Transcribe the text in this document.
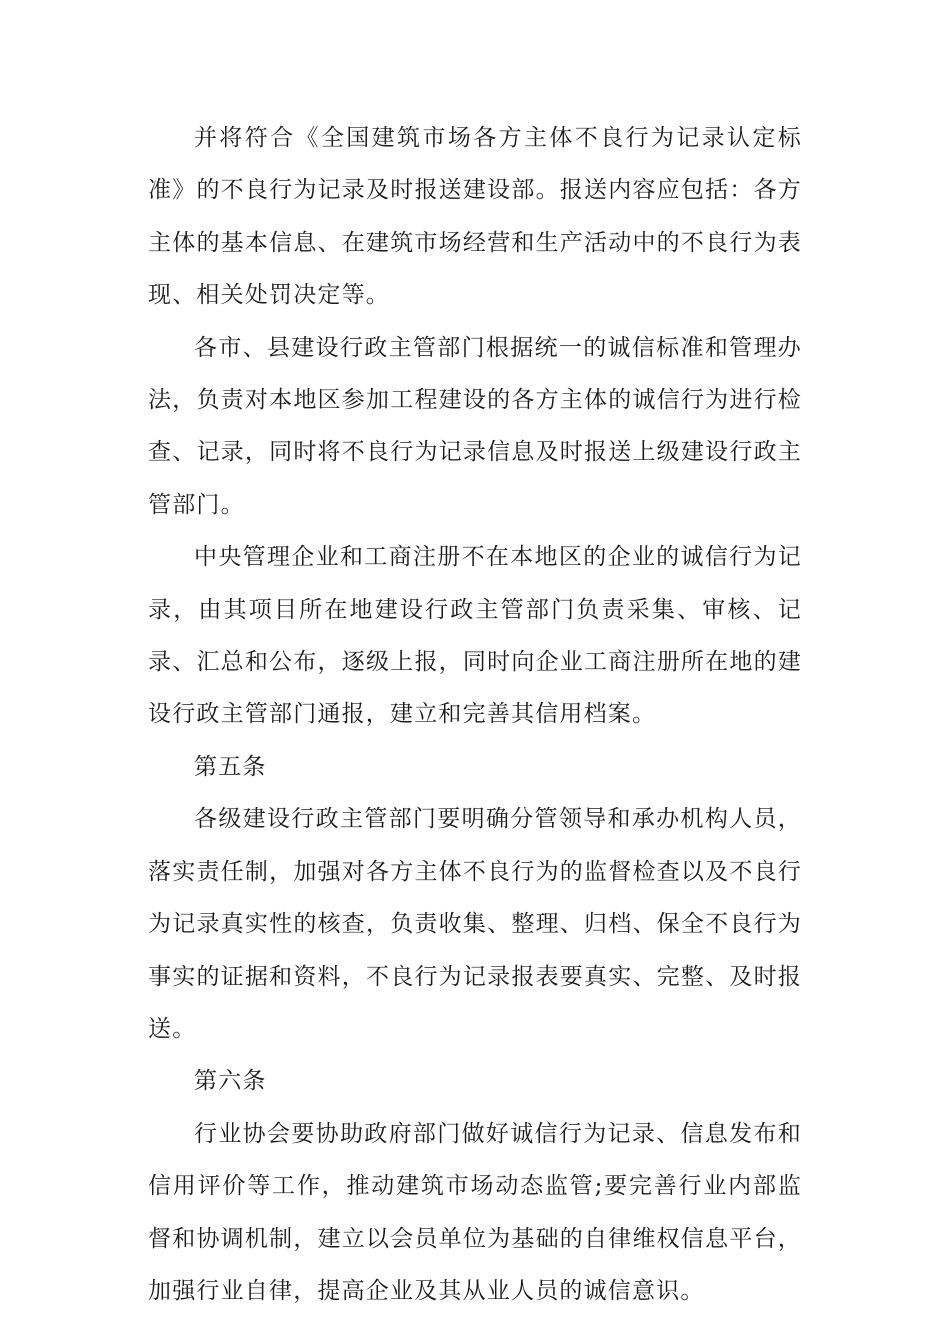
并将符合《全国建筑市场各方主体不良行为记录认定标准》的不良行为记录及时报送建设部。报送内容应包括：各方主体的基本信息、在建筑市场经营和生产活动中的不良行为表现、相关处罚决定等。

各市、县建设行政主管部门根据统一的诚信标准和管理办法，负责对本地区参加工程建设的各方主体的诚信行为进行检查、记录，同时将不良行为记录信息及时报送上级建设行政主管部门。

中央管理企业和工商注册不在本地区的企业的诚信行为记录，由其项目所在地建设行政主管部门负责采集、审核、记录、汇总和公布，逐级上报，同时向企业工商注册所在地的建设行政主管部门通报，建立和完善其信用档案。

第五条

各级建设行政主管部门要明确分管领导和承办机构人员，落实责任制，加强对各方主体不良行为的监督检查以及不良行为记录真实性的核查，负责收集、整理、归档、保全不良行为事实的证据和资料，不良行为记录报表要真实、完整、及时报送。

第六条

行业协会要协助政府部门做好诚信行为记录、信息发布和信用评价等工作，推动建筑市场动态监管;要完善行业内部监督和协调机制，建立以会员单位为基础的自律维权信息平台，加强行业自律，提高企业及其从业人员的诚信意识。
